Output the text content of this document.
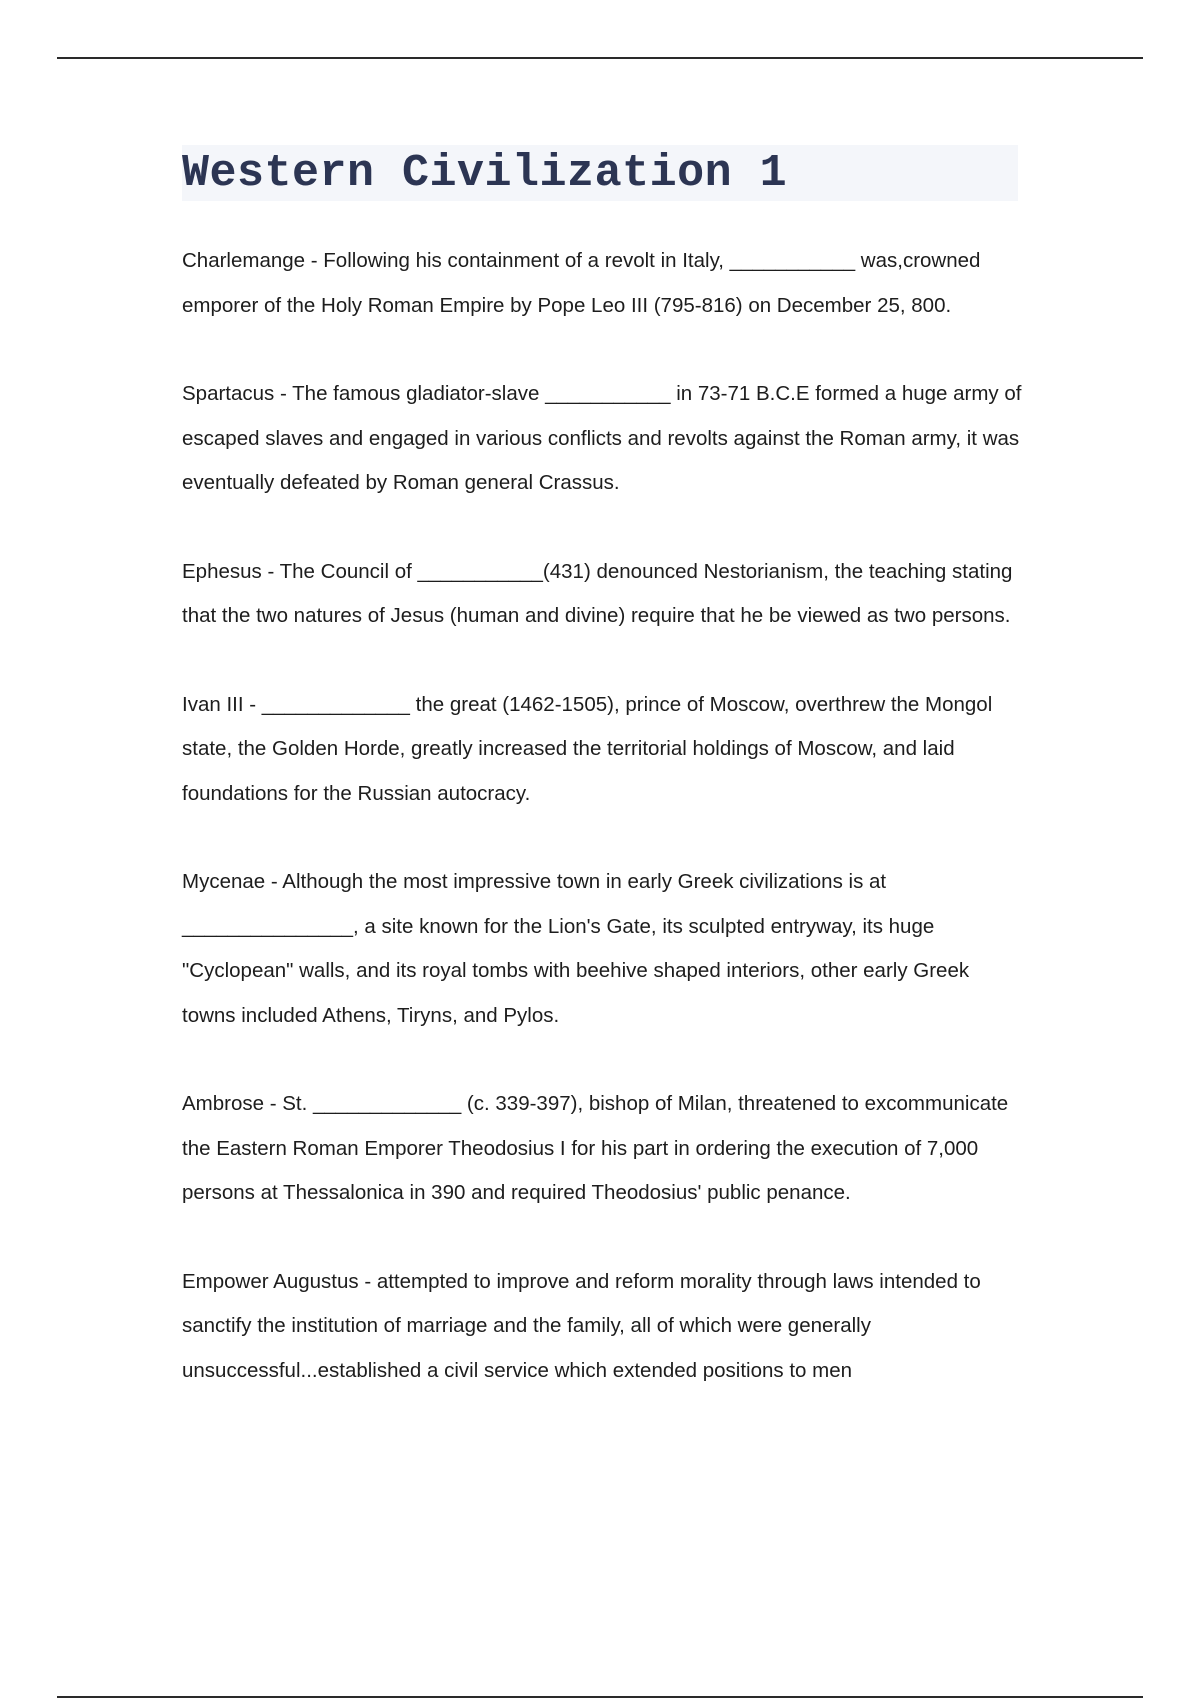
Western Civilization 1

Charlemange - Following his containment of a revolt in Italy, ___________ was,crowned emporer of the Holy Roman Empire by Pope Leo III (795-816) on December 25, 800.

Spartacus - The famous gladiator-slave ___________ in 73-71 B.C.E formed a huge army of escaped slaves and engaged in various conflicts and revolts against the Roman army, it was eventually defeated by Roman general Crassus.

Ephesus - The Council of ___________(431) denounced Nestorianism, the teaching stating that the two natures of Jesus (human and divine) require that he be viewed as two persons.

Ivan III - _____________ the great (1462-1505), prince of Moscow, overthrew the Mongol state, the Golden Horde, greatly increased the territorial holdings of Moscow, and laid foundations for the Russian autocracy.

Mycenae - Although the most impressive town in early Greek civilizations is at _______________, a site known for the Lion's Gate, its sculpted entryway, its huge "Cyclopean" walls, and its royal tombs with beehive shaped interiors, other early Greek towns included Athens, Tiryns, and Pylos.

Ambrose - St. _____________ (c. 339-397), bishop of Milan, threatened to excommunicate the Eastern Roman Emporer Theodosius I for his part in ordering the execution of 7,000 persons at Thessalonica in 390 and required Theodosius' public penance.

Empower Augustus - attempted to improve and reform morality through laws intended to sanctify the institution of marriage and the family, all of which were generally unsuccessful...established a civil service which extended positions to men
